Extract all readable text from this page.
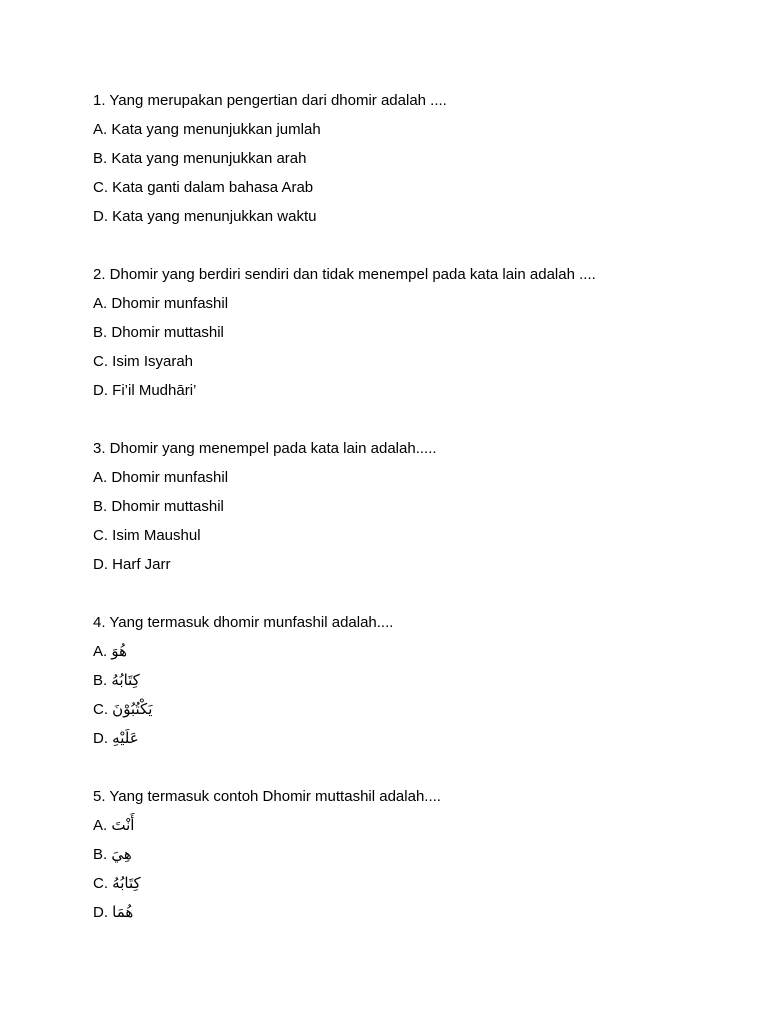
1. Yang merupakan pengertian dari dhomir adalah ....
A. Kata yang menunjukkan jumlah
B. Kata yang menunjukkan arah
C. Kata ganti dalam bahasa Arab
D. Kata yang menunjukkan waktu
2. Dhomir yang berdiri sendiri dan tidak menempel pada kata lain adalah ....
A. Dhomir munfashil
B. Dhomir muttashil
C. Isim Isyarah
D. Fi’il Mudhāri’
3. Dhomir yang menempel pada kata lain adalah.....
A. Dhomir munfashil
B. Dhomir muttashil
C. Isim Maushul
D. Harf Jarr
4. Yang termasuk dhomir munfashil adalah....
A. هُوَ
B. كِتَابُهُ
C. يَكْتُبُوْنَ
D. عَلَيْهِ
5. Yang termasuk contoh Dhomir muttashil adalah....
A. أَنْتَ
B. هِيَ
C. كِتَابُهُ
D. هُمَا
